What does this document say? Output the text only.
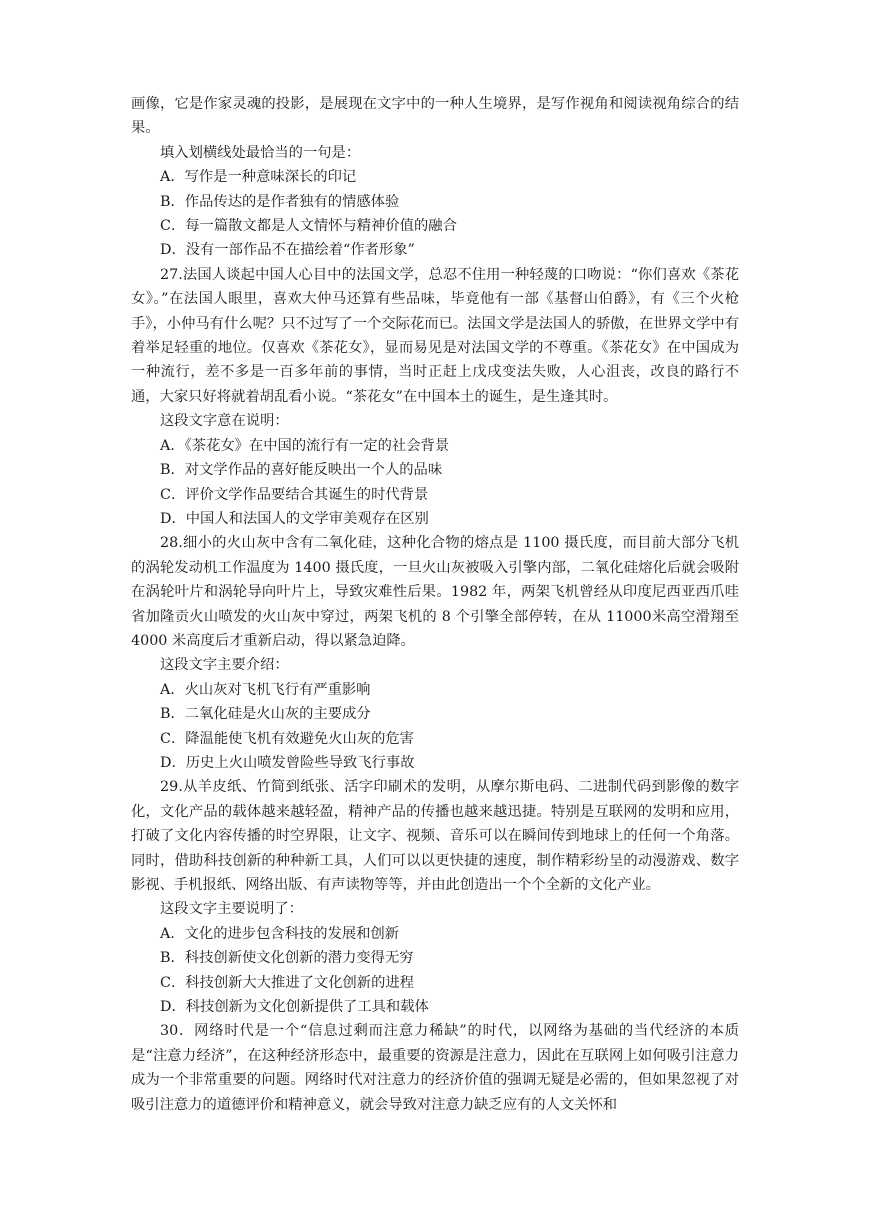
画像，它是作家灵魂的投影，是展现在文字中的一种人生境界，是写作视角和阅读视角综合的结果。

填入划横线处最恰当的一句是：

A．写作是一种意味深长的印记

B．作品传达的是作者独有的情感体验

C．每一篇散文都是人文情怀与精神价值的融合

D．没有一部作品不在描绘着“作者形象”

27.法国人谈起中国人心目中的法国文学，总忍不住用一种轻蔑的口吻说：“你们喜欢《茶花女》。”在法国人眼里，喜欢大仲马还算有些品味，毕竟他有一部《基督山伯爵》，有《三个火枪手》，小仲马有什么呢？只不过写了一个交际花而已。法国文学是法国人的骄傲，在世界文学中有着举足轻重的地位。仅喜欢《茶花女》，显而易见是对法国文学的不尊重。《茶花女》在中国成为一种流行，差不多是一百多年前的事情，当时正赶上戊戌变法失败，人心沮丧，改良的路行不通，大家只好将就着胡乱看小说。“茶花女”在中国本土的诞生，是生逢其时。

这段文字意在说明：

A．《茶花女》在中国的流行有一定的社会背景

B．对文学作品的喜好能反映出一个人的品味

C．评价文学作品要结合其诞生的时代背景

D．中国人和法国人的文学审美观存在区别

28.细小的火山灰中含有二氧化硅，这种化合物的熔点是 1100 摄氏度，而目前大部分飞机的涡轮发动机工作温度为 1400 摄氏度，一旦火山灰被吸入引擎内部，二氧化硅熔化后就会吸附在涡轮叶片和涡轮导向叶片上，导致灾难性后果。1982 年，两架飞机曾经从印度尼西亚西爪哇省加隆贡火山喷发的火山灰中穿过，两架飞机的 8 个引擎全部停转，在从 11000米高空滑翔至 4000 米高度后才重新启动，得以紧急迫降。

这段文字主要介绍：

A．火山灰对飞机飞行有严重影响

B．二氧化硅是火山灰的主要成分

C．降温能使飞机有效避免火山灰的危害

D．历史上火山喷发曾险些导致飞行事故

29.从羊皮纸、竹简到纸张、活字印刷术的发明，从摩尔斯电码、二进制代码到影像的数字化，文化产品的载体越来越轻盈，精神产品的传播也越来越迅捷。特别是互联网的发明和应用，打破了文化内容传播的时空界限，让文字、视频、音乐可以在瞬间传到地球上的任何一个角落。同时，借助科技创新的种种新工具，人们可以以更快捷的速度，制作精彩纷呈的动漫游戏、数字影视、手机报纸、网络出版、有声读物等等，并由此创造出一个个全新的文化产业。

这段文字主要说明了：

A．文化的进步包含科技的发展和创新

B．科技创新使文化创新的潜力变得无穷

C．科技创新大大推进了文化创新的进程

D．科技创新为文化创新提供了工具和载体

30．网络时代是一个“信息过剩而注意力稀缺”的时代，以网络为基础的当代经济的本质是“注意力经济”，在这种经济形态中，最重要的资源是注意力，因此在互联网上如何吸引注意力成为一个非常重要的问题。网络时代对注意力的经济价值的强调无疑是必需的，但如果忽视了对吸引注意力的道德评价和精神意义，就会导致对注意力缺乏应有的人文关怀和
